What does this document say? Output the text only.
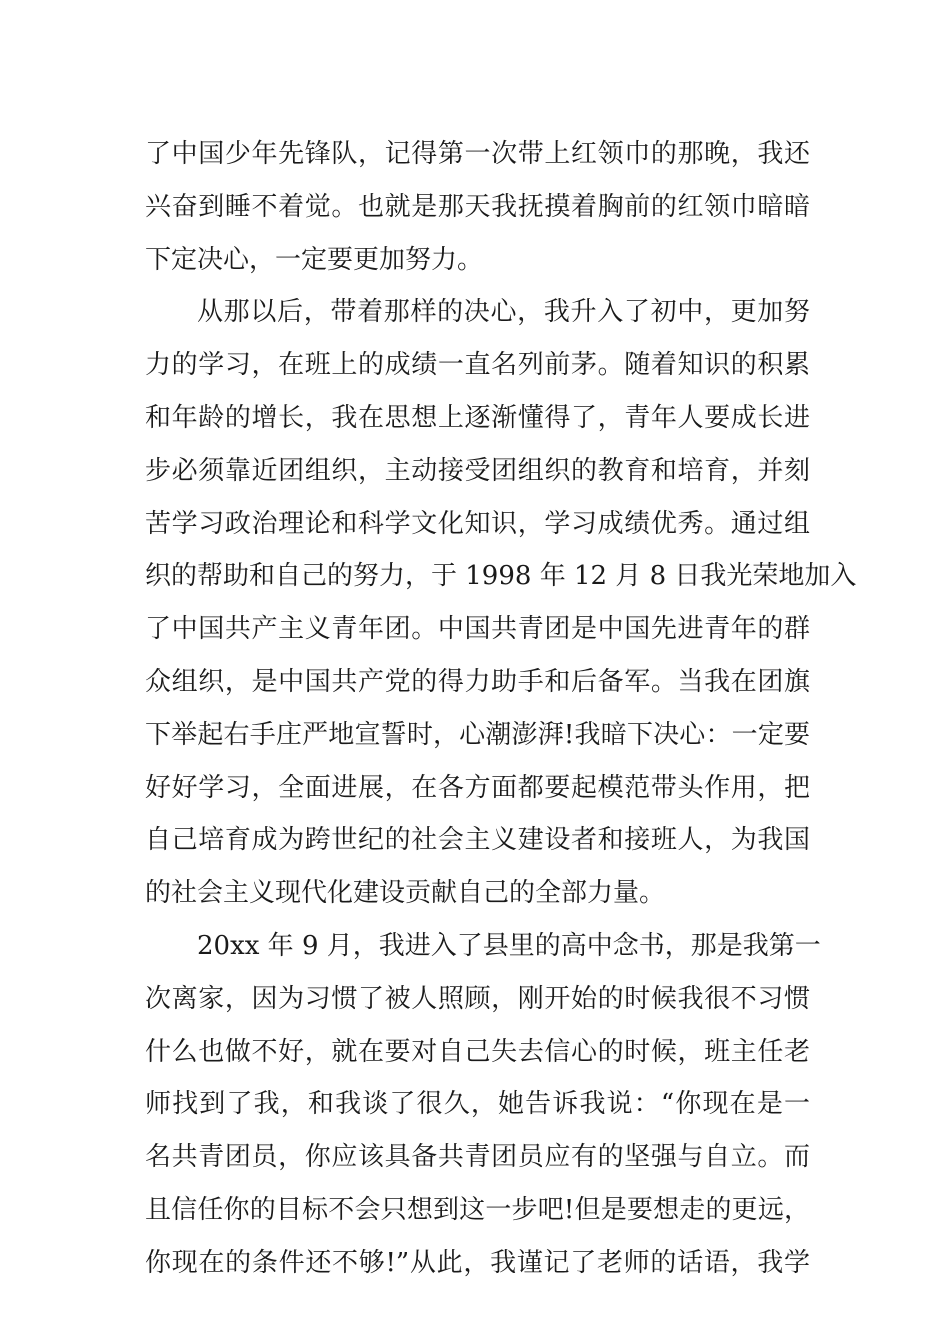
了中国少年先锋队，记得第一次带上红领巾的那晚，我还
兴奋到睡不着觉。也就是那天我抚摸着胸前的红领巾暗暗
下定决心，一定要更加努力。
从那以后，带着那样的决心，我升入了初中，更加努
力的学习，在班上的成绩一直名列前茅。随着知识的积累
和年龄的增长，我在思想上逐渐懂得了，青年人要成长进
步必须靠近团组织，主动接受团组织的教育和培育，并刻
苦学习政治理论和科学文化知识，学习成绩优秀。通过组
织的帮助和自己的努力，于 1998 年 12 月 8 日我光荣地加入
了中国共产主义青年团。中国共青团是中国先进青年的群
众组织，是中国共产党的得力助手和后备军。当我在团旗
下举起右手庄严地宣誓时，心潮澎湃!我暗下决心：一定要
好好学习，全面进展，在各方面都要起模范带头作用，把
自己培育成为跨世纪的社会主义建设者和接班人，为我国
的社会主义现代化建设贡献自己的全部力量。
20xx 年 9 月，我进入了县里的高中念书，那是我第一
次离家，因为习惯了被人照顾，刚开始的时候我很不习惯
什么也做不好，就在要对自己失去信心的时候，班主任老
师找到了我，和我谈了很久，她告诉我说：“你现在是一
名共青团员，你应该具备共青团员应有的坚强与自立。而
且信任你的目标不会只想到这一步吧!但是要想走的更远，
你现在的条件还不够!”从此，我谨记了老师的话语，我学
